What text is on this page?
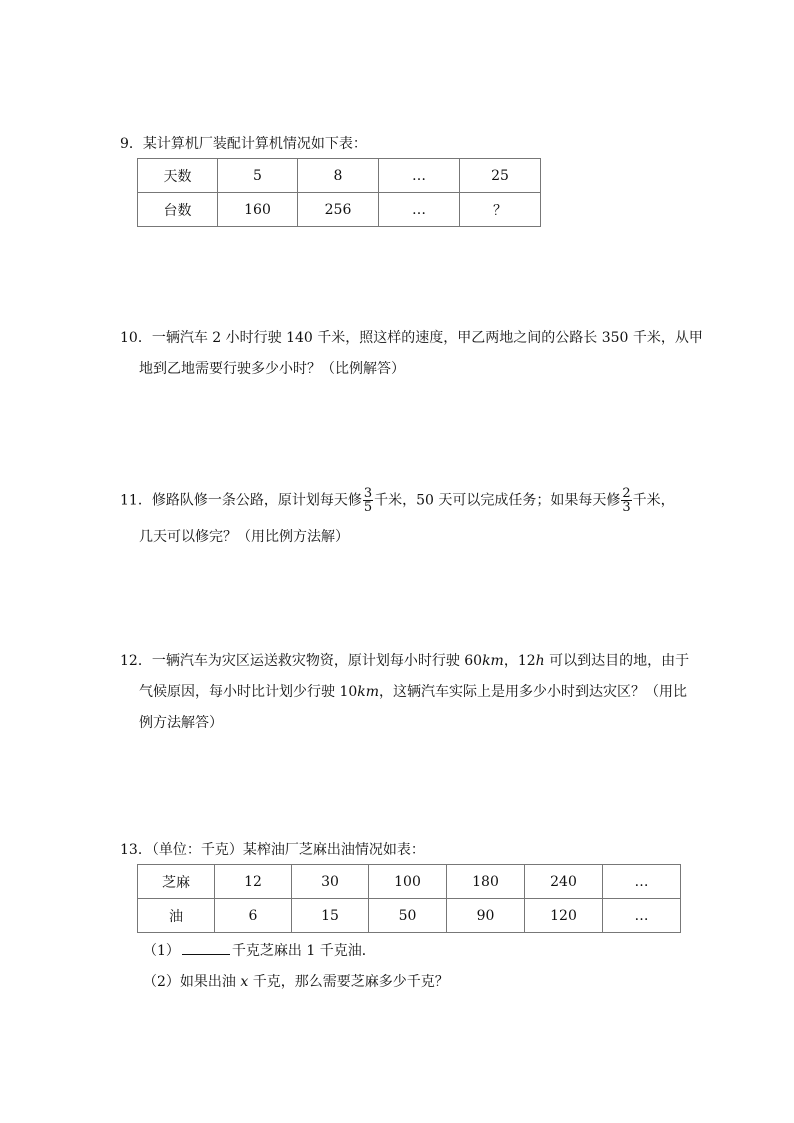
9．某计算机厂装配计算机情况如下表：
天数	5	8	…	25
台数	160	256	…	？
10．一辆汽车 2 小时行驶 140 千米，照这样的速度，甲乙两地之间的公路长 350 千米，从甲
地到乙地需要行驶多少小时？（比例解答）
11．修路队修一条公路，原计划每天修 $\frac{3}{5}$ 千米，50 天可以完成任务；如果每天修 $\frac{2}{3}$ 千米，
几天可以修完？（用比例方法解）
12．一辆汽车为灾区运送救灾物资，原计划每小时行驶 60km，12h 可以到达目的地，由于
气候原因，每小时比计划少行驶 10km，这辆汽车实际上是用多少小时到达灾区？（用比
例方法解答）
13．（单位：千克）某榨油厂芝麻出油情况如表：
芝麻	12	30	100	180	240	…
油	6	15	50	90	120	…
（1）	千克芝麻出 1 千克油．
（2）如果出油 x 千克，那么需要芝麻多少千克？
